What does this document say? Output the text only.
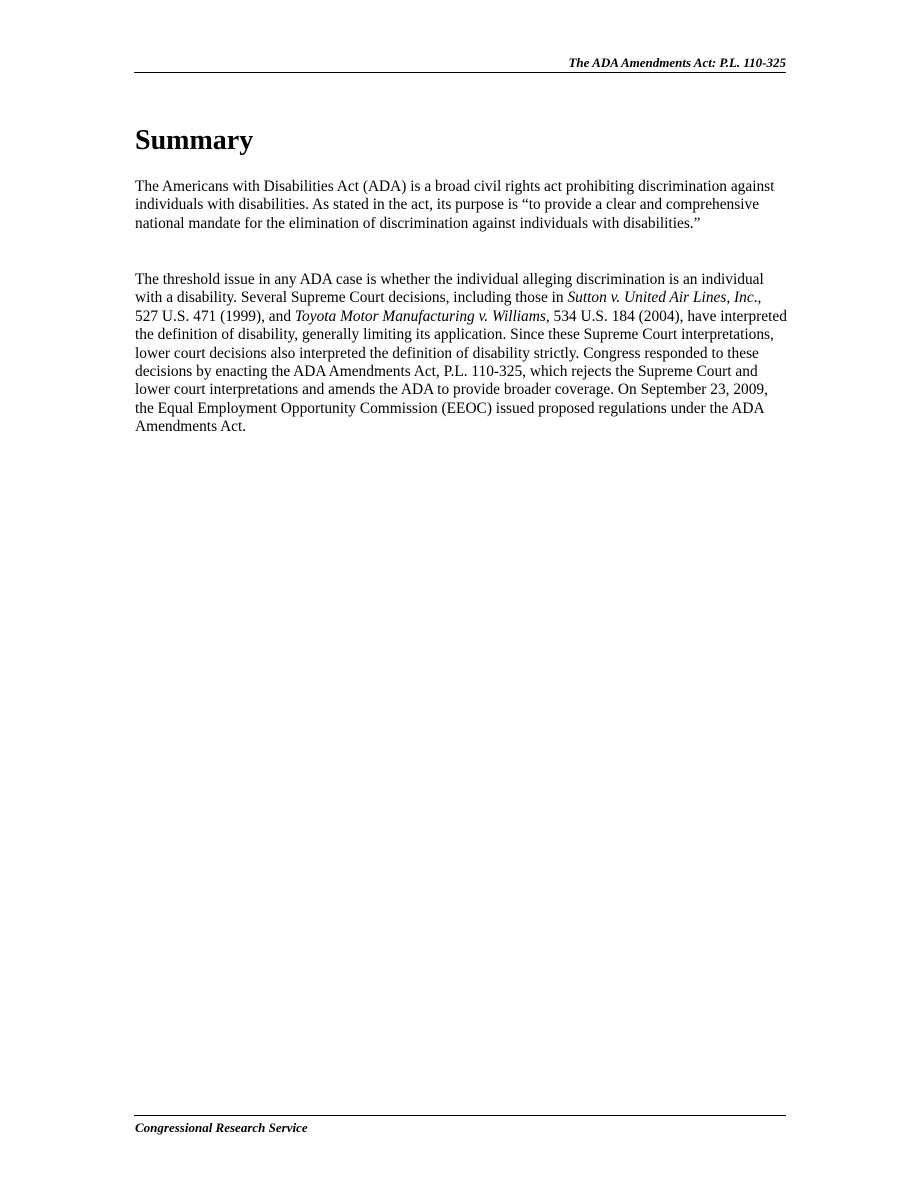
The ADA Amendments Act: P.L. 110-325
Summary

The Americans with Disabilities Act (ADA) is a broad civil rights act prohibiting discrimination against individuals with disabilities. As stated in the act, its purpose is “to provide a clear and comprehensive national mandate for the elimination of discrimination against individuals with disabilities.”

The threshold issue in any ADA case is whether the individual alleging discrimination is an individual with a disability. Several Supreme Court decisions, including those in Sutton v. United Air Lines, Inc., 527 U.S. 471 (1999), and Toyota Motor Manufacturing v. Williams, 534 U.S. 184 (2004), have interpreted the definition of disability, generally limiting its application. Since these Supreme Court interpretations, lower court decisions also interpreted the definition of disability strictly. Congress responded to these decisions by enacting the ADA Amendments Act, P.L. 110-325, which rejects the Supreme Court and lower court interpretations and amends the ADA to provide broader coverage. On September 23, 2009, the Equal Employment Opportunity Commission (EEOC) issued proposed regulations under the ADA Amendments Act.

Congressional Research Service
